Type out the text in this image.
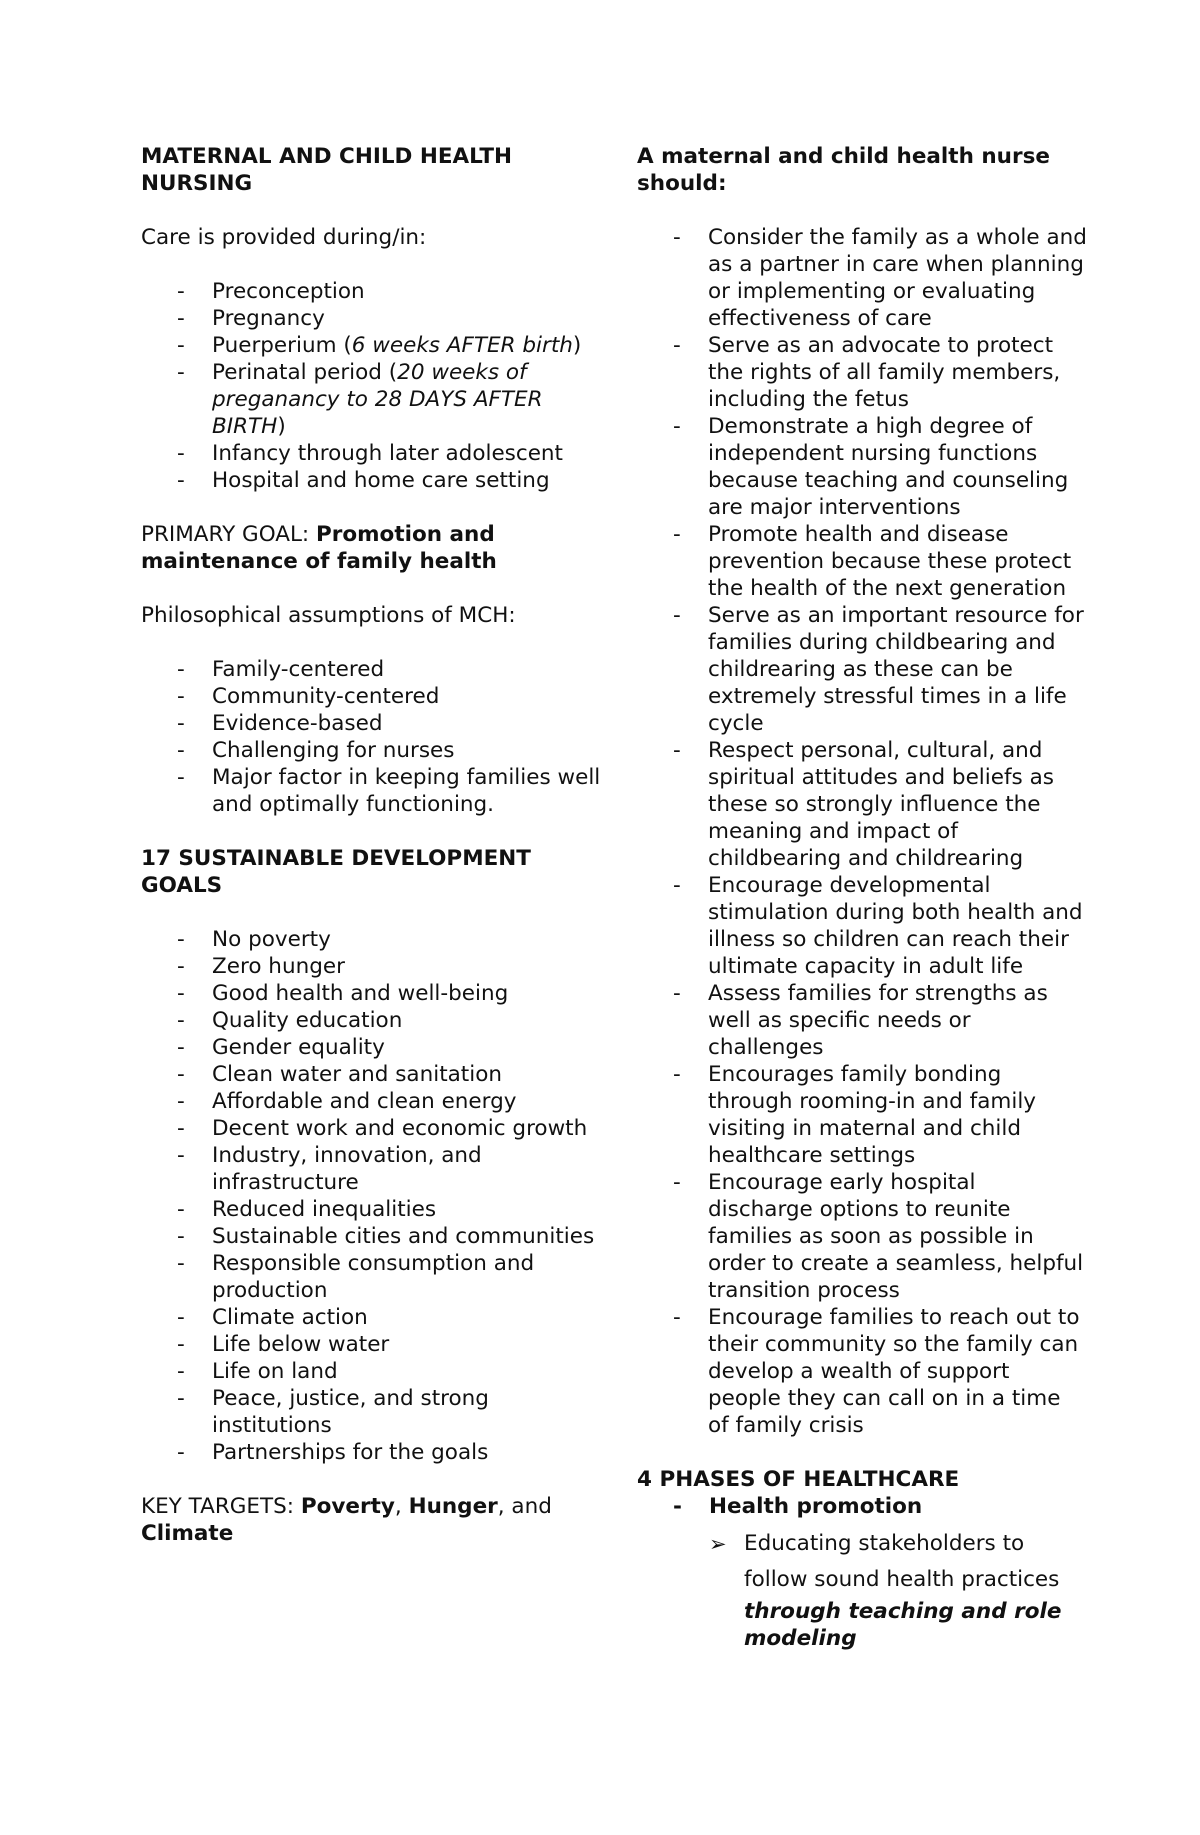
MATERNAL AND CHILD HEALTH NURSING

Care is provided during/in:

- Preconception
- Pregnancy
- Puerperium (6 weeks AFTER birth)
- Perinatal period (20 weeks of preganancy to 28 DAYS AFTER BIRTH)
- Infancy through later adolescent
- Hospital and home care setting

PRIMARY GOAL: Promotion and maintenance of family health

Philosophical assumptions of MCH:

- Family-centered
- Community-centered
- Evidence-based
- Challenging for nurses
- Major factor in keeping families well and optimally functioning.

17 SUSTAINABLE DEVELOPMENT GOALS

- No poverty
- Zero hunger
- Good health and well-being
- Quality education
- Gender equality
- Clean water and sanitation
- Affordable and clean energy
- Decent work and economic growth
- Industry, innovation, and infrastructure
- Reduced inequalities
- Sustainable cities and communities
- Responsible consumption and production
- Climate action
- Life below water
- Life on land
- Peace, justice, and strong institutions
- Partnerships for the goals

KEY TARGETS: Poverty, Hunger, and Climate

A maternal and child health nurse should:

- Consider the family as a whole and as a partner in care when planning or implementing or evaluating effectiveness of care
- Serve as an advocate to protect the rights of all family members, including the fetus
- Demonstrate a high degree of independent nursing functions because teaching and counseling are major interventions
- Promote health and disease prevention because these protect the health of the next generation
- Serve as an important resource for families during childbearing and childrearing as these can be extremely stressful times in a life cycle
- Respect personal, cultural, and spiritual attitudes and beliefs as these so strongly influence the meaning and impact of childbearing and childrearing
- Encourage developmental stimulation during both health and illness so children can reach their ultimate capacity in adult life
- Assess families for strengths as well as specific needs or challenges
- Encourages family bonding through rooming-in and family visiting in maternal and child healthcare settings
- Encourage early hospital discharge options to reunite families as soon as possible in order to create a seamless, helpful transition process
- Encourage families to reach out to their community so the family can develop a wealth of support people they can call on in a time of family crisis

4 PHASES OF HEALTHCARE

- Health promotion
➢ Educating stakeholders to
follow sound health practices
through teaching and role modeling
